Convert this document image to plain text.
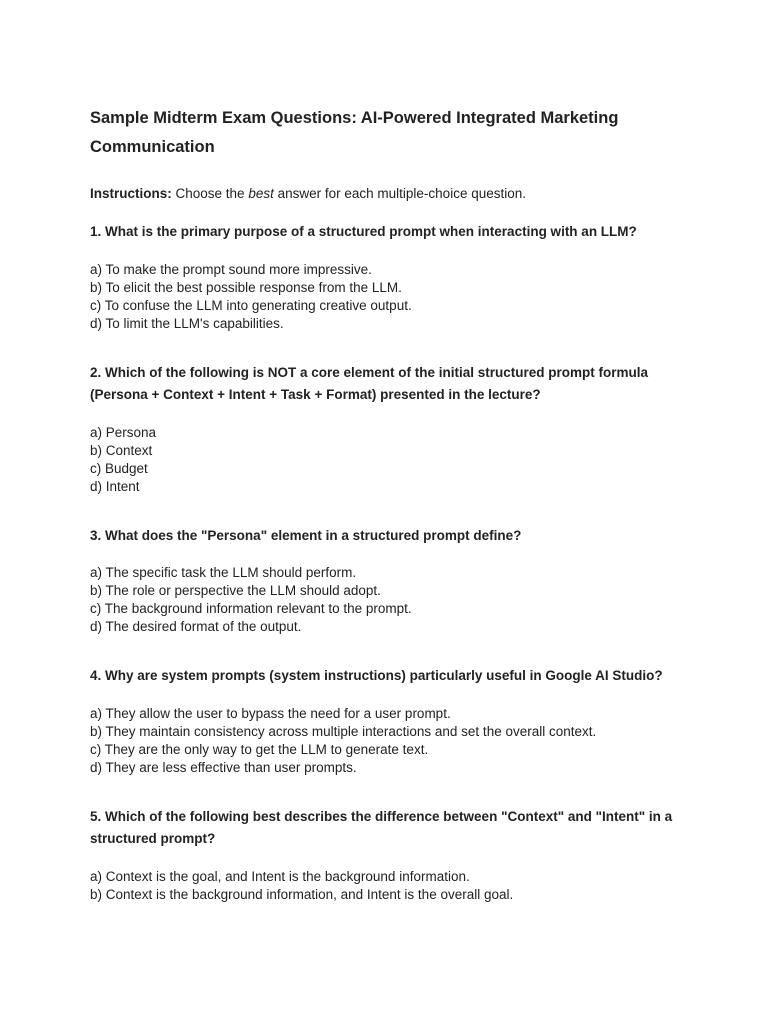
Sample Midterm Exam Questions: AI-Powered Integrated Marketing Communication

Instructions: Choose the best answer for each multiple-choice question.

1. What is the primary purpose of a structured prompt when interacting with an LLM?

a) To make the prompt sound more impressive.
b) To elicit the best possible response from the LLM.
c) To confuse the LLM into generating creative output.
d) To limit the LLM's capabilities.

2. Which of the following is NOT a core element of the initial structured prompt formula (Persona + Context + Intent + Task + Format) presented in the lecture?

a) Persona
b) Context
c) Budget
d) Intent

3. What does the "Persona" element in a structured prompt define?

a) The specific task the LLM should perform.
b) The role or perspective the LLM should adopt.
c) The background information relevant to the prompt.
d) The desired format of the output.

4. Why are system prompts (system instructions) particularly useful in Google AI Studio?

a) They allow the user to bypass the need for a user prompt.
b) They maintain consistency across multiple interactions and set the overall context.
c) They are the only way to get the LLM to generate text.
d) They are less effective than user prompts.

5. Which of the following best describes the difference between "Context" and "Intent" in a structured prompt?

a) Context is the goal, and Intent is the background information.
b) Context is the background information, and Intent is the overall goal.
